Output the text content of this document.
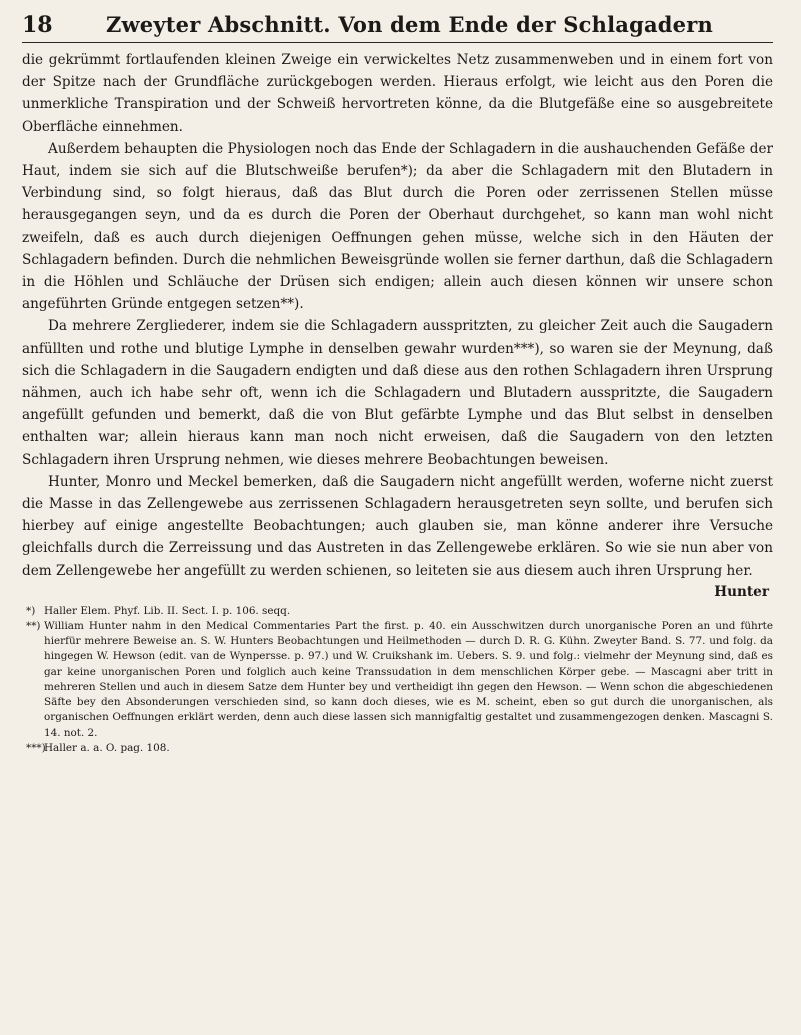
18	Zweyter Abschnitt. Von dem Ende der Schlagadern

die gekrümmt fortlaufenden kleinen Zweige ein verwickeltes Netz zusammenweben und in einem fort von der Spitze nach der Grundfläche zurückgebogen werden. Hieraus erfolgt, wie leicht aus den Poren die unmerkliche Transpiration und der Schweiß hervortreten könne, da die Blutgefäße eine so ausgebreitete Oberfläche einnehmen.

Außerdem behaupten die Physiologen noch das Ende der Schlagadern in die aushauchenden Gefäße der Haut, indem sie sich auf die Blutschweiße berufen*); da aber die Schlagadern mit den Blutadern in Verbindung sind, so folgt hieraus, daß das Blut durch die Poren oder zerrissenen Stellen müsse herausgegangen seyn, und da es durch die Poren der Oberhaut durchgehet, so kann man wohl nicht zweifeln, daß es auch durch diejenigen Oeffnungen gehen müsse, welche sich in den Häuten der Schlagadern befinden. Durch die nehmlichen Beweisgründe wollen sie ferner darthun, daß die Schlagadern in die Höhlen und Schläuche der Drüsen sich endigen; allein auch diesen können wir unsere schon angeführten Gründe entgegen setzen**).

Da mehrere Zergliederer, indem sie die Schlagadern ausspritzten, zu gleicher Zeit auch die Saugadern anfüllten und rothe und blutige Lymphe in denselben gewahr wurden***), so waren sie der Meynung, daß sich die Schlagadern in die Saugadern endigten und daß diese aus den rothen Schlagadern ihren Ursprung nähmen, auch ich habe sehr oft, wenn ich die Schlagadern und Blutadern ausspritzte, die Saugadern angefüllt gefunden und bemerkt, daß die von Blut gefärbte Lymphe und das Blut selbst in denselben enthalten war; allein hieraus kann man noch nicht erweisen, daß die Saugadern von den letzten Schlagadern ihren Ursprung nehmen, wie dieses mehrere Beobachtungen beweisen.

Hunter, Monro und Meckel bemerken, daß die Saugadern nicht angefüllt werden, woferne nicht zuerst die Masse in das Zellengewebe aus zerrissenen Schlagadern herausgetreten seyn sollte, und berufen sich hierbey auf einige angestellte Beobachtungen; auch glauben sie, man könne anderer ihre Versuche gleichfalls durch die Zerreissung und das Austreten in das Zellengewebe erklären. So wie sie nun aber von dem Zellengewebe her angefüllt zu werden schienen, so leiteten sie aus diesem auch ihren Ursprung her.

Hunter

*) Haller Elem. Phyf. Lib. II. Sect. I. p. 106. seqq.

**) William Hunter nahm in den Medical Commentaries Part the first. p. 40. ein Ausschwitzen durch unorganische Poren an und führte hierfür mehrere Beweise an. S. W. Hunters Beobachtungen und Heilmethoden — durch D. R. G. Kühn. Zweyter Band. S. 77. und folg. da hingegen W. Hewson (edit. van de Wynpersse. p. 97.) und W. Cruikshank im. Uebers. S. 9. und folg.: vielmehr der Meynung sind, daß es gar keine unorganischen Poren und folglich auch keine Transsudation in dem menschlichen Körper gebe. — Mascagni aber tritt in mehreren Stellen und auch in diesem Satze dem Hunter bey und vertheidigt ihn gegen den Hewson. — Wenn schon die abgeschiedenen Säfte bey den Absonderungen verschieden sind, so kann doch dieses, wie es M. scheint, eben so gut durch die unorganischen, als organischen Oeffnungen erklärt werden, denn auch diese lassen sich mannigfaltig gestaltet und zusammengezogen denken. Mascagni S. 14. not. 2.

***)Haller a. a. O. pag. 108.
